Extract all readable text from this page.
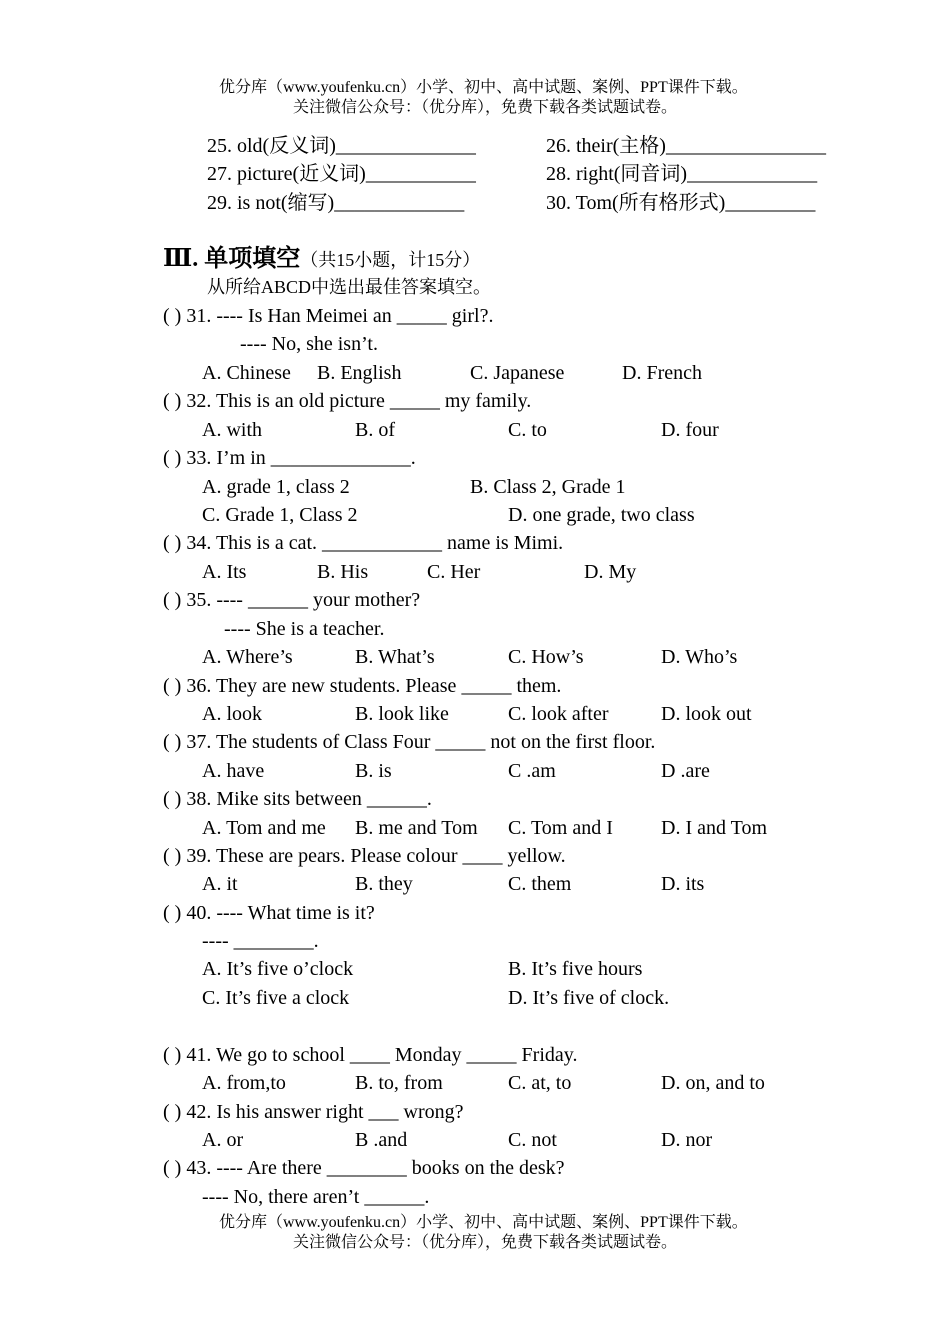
优分库（www.youfenku.cn）小学、初中、高中试题、案例、PPT课件下载。
关注微信公众号：（优分库），免费下载各类试题试卷。
25. old(反义词)______________	26. their(主格)________________
27. picture(近义词)___________	28. right(同音词)_____________
29. is not(缩写)_____________	30. Tom(所有格形式)_________
Ⅲ. 单项填空（共15小题，计15分）
从所给ABCD中选出最佳答案填空。
( ) 31. ---- Is Han Meimei an _____ girl?.
---- No, she isn’t.
A. Chinese B. English	C. Japanese	D. French
( ) 32. This is an old picture _____ my family.
A. with	B. of	C. to	D. four
( ) 33. I’m in ______________.
A. grade 1, class 2	B. Class 2, Grade 1
C. Grade 1, Class 2	D. one grade, two class
( ) 34. This is a cat. ____________ name is Mimi.
A. Its	B. His	C. Her	D. My
( ) 35. ---- ______ your mother?
---- She is a teacher.
A. Where’s	B. What’s	C. How’s	D. Who’s
( ) 36. They are new students. Please _____ them.
A. look	B. look like	C. look after	D. look out
( ) 37. The students of Class Four _____ not on the first floor.
A. have	B. is	C .am	D .are
( ) 38. Mike sits between ______.
A. Tom and me B. me and Tom C. Tom and I D. I and Tom
( ) 39. These are pears. Please colour ____ yellow.
A. it	B. they	C. them	D. its
( ) 40. ---- What time is it?
---- ________.
A. It’s five o’clock	B. It’s five hours
C. It’s five a clock	D. It’s five of clock.
( ) 41. We go to school ____ Monday _____ Friday.
A. from,to	B. to, from	C. at, to	D. on, and to
( ) 42. Is his answer right ___ wrong?
A. or	B .and	C. not	D. nor
( ) 43. ---- Are there ________ books on the desk?
---- No, there aren’t ______.
优分库（www.youfenku.cn）小学、初中、高中试题、案例、PPT课件下载。
关注微信公众号：（优分库），免费下载各类试题试卷。
